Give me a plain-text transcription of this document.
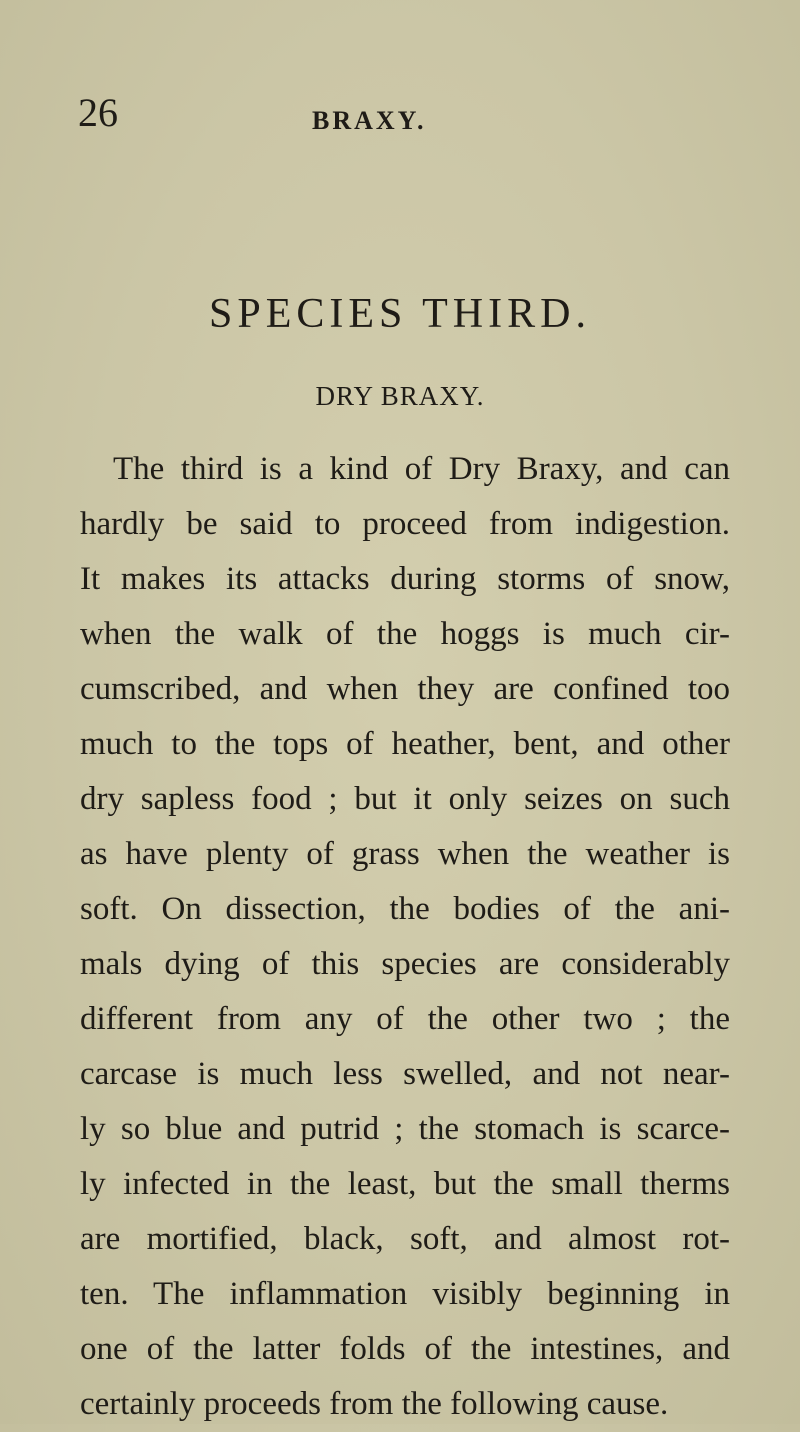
26	BRAXY.
SPECIES THIRD.
DRY BRAXY.
The third is a kind of Dry Braxy, and can
hardly be said to proceed from indigestion.
It makes its attacks during storms of snow,
when the walk of the hoggs is much cir-
cumscribed, and when they are confined too
much to the tops of heather, bent, and other
dry sapless food ; but it only seizes on such
as have plenty of grass when the weather is
soft. On dissection, the bodies of the ani-
mals dying of this species are considerably
different from any of the other two ; the
carcase is much less swelled, and not near-
ly so blue and putrid ; the stomach is scarce-
ly infected in the least, but the small therms
are mortified, black, soft, and almost rot-
ten. The inflammation visibly beginning in
one of the latter folds of the intestines, and
certainly proceeds from the following cause.
